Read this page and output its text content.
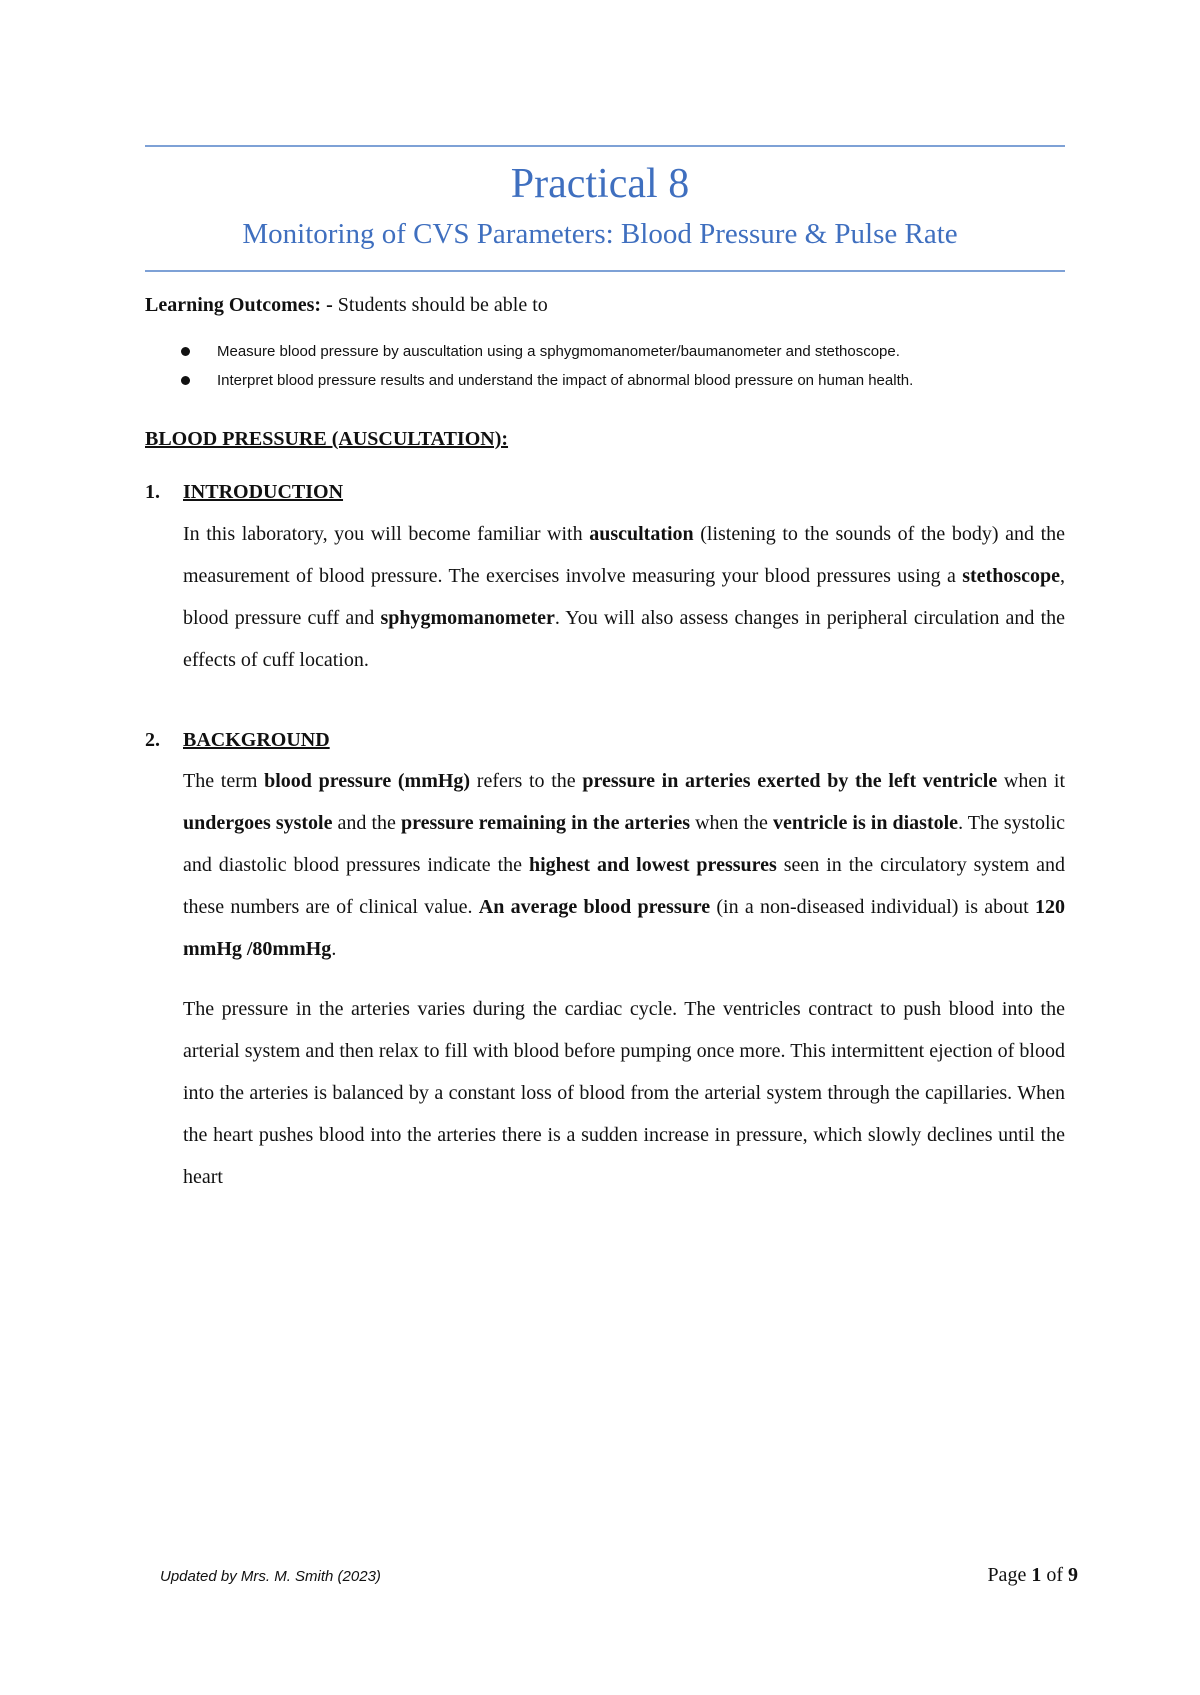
Practical 8
Monitoring of CVS Parameters: Blood Pressure & Pulse Rate
Learning Outcomes: - Students should be able to
Measure blood pressure by auscultation using a sphygmomanometer/baumanometer and stethoscope.
Interpret blood pressure results and understand the impact of abnormal blood pressure on human health.
BLOOD PRESSURE (AUSCULTATION):
1. INTRODUCTION

In this laboratory, you will become familiar with auscultation (listening to the sounds of the body) and the measurement of blood pressure. The exercises involve measuring your blood pressures using a stethoscope, blood pressure cuff and sphygmomanometer. You will also assess changes in peripheral circulation and the effects of cuff location.

2. BACKGROUND

The term blood pressure (mmHg) refers to the pressure in arteries exerted by the left ventricle when it undergoes systole and the pressure remaining in the arteries when the ventricle is in diastole. The systolic and diastolic blood pressures indicate the highest and lowest pressures seen in the circulatory system and these numbers are of clinical value. An average blood pressure (in a non-diseased individual) is about 120 mmHg /80mmHg.

The pressure in the arteries varies during the cardiac cycle. The ventricles contract to push blood into the arterial system and then relax to fill with blood before pumping once more. This intermittent ejection of blood into the arteries is balanced by a constant loss of blood from the arterial system through the capillaries. When the heart pushes blood into the arteries there is a sudden increase in pressure, which slowly declines until the heart

Updated by Mrs. M. Smith (2023)	Page 1 of 9
